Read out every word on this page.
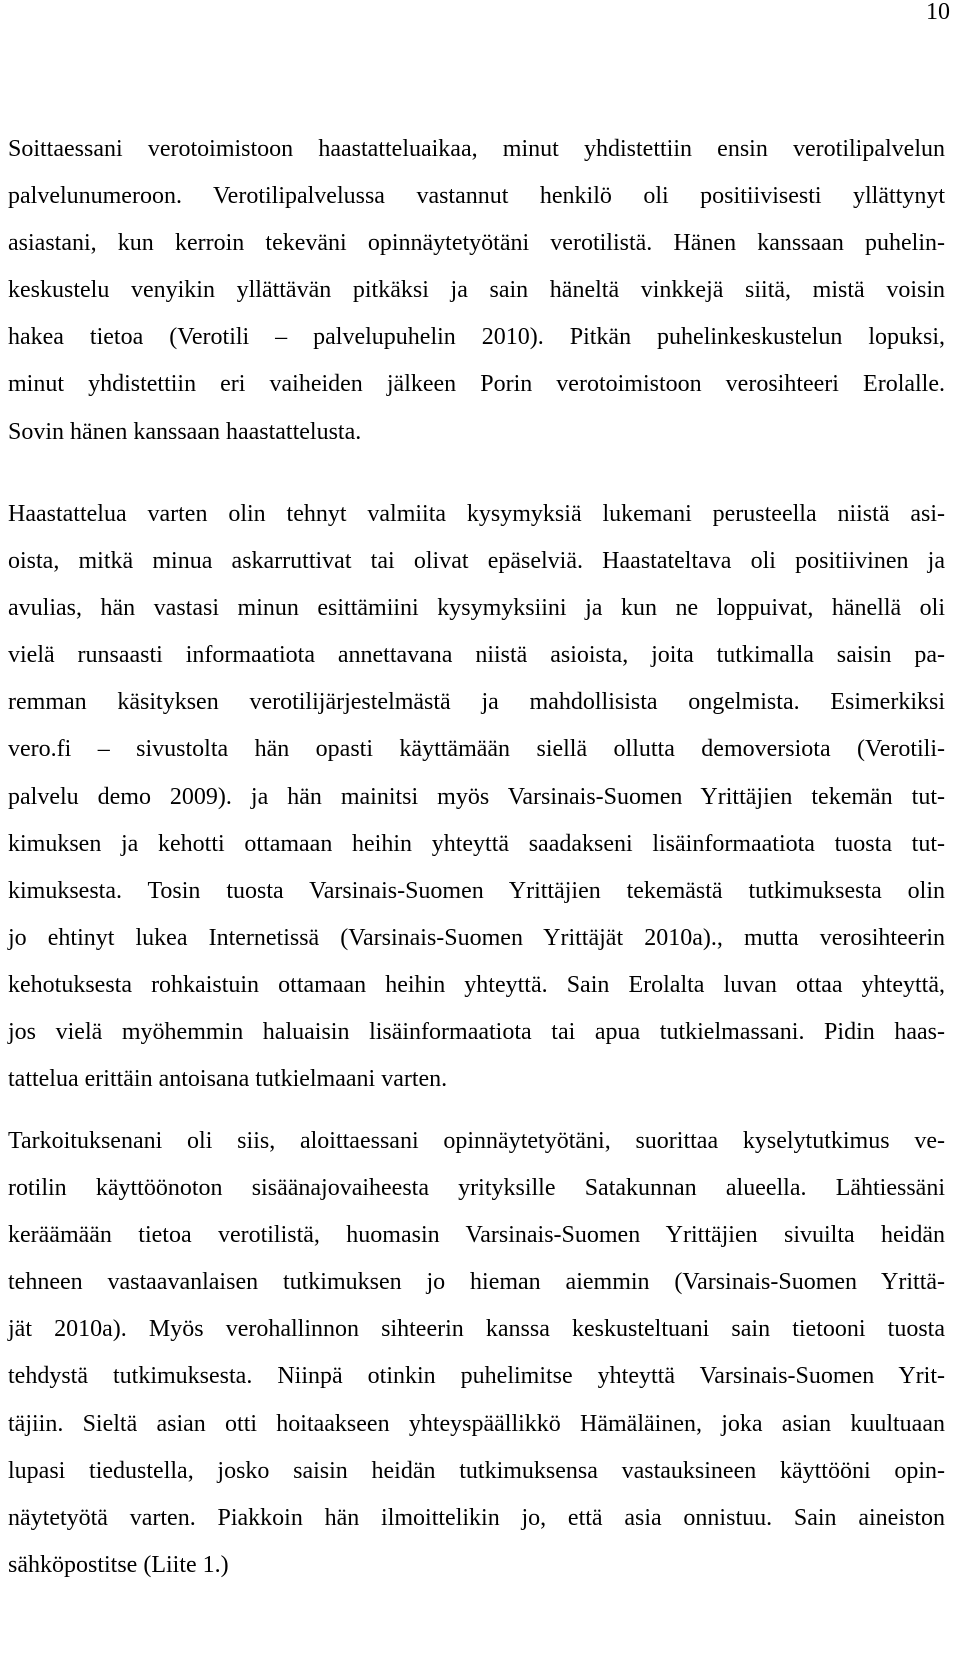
10
Soittaessani verotoimistoon haastatteluaikaa, minut yhdistettiin ensin verotilipalvelun
palvelunumeroon. Verotilipalvelussa vastannut henkilö oli positiivisesti yllättynyt
asiastani, kun kerroin tekeväni opinnäytetyötäni verotilistä. Hänen kanssaan puhelin-
keskustelu venyikin yllättävän pitkäksi ja sain häneltä vinkkejä siitä, mistä voisin
hakea tietoa (Verotili – palvelupuhelin 2010). Pitkän puhelinkeskustelun lopuksi,
minut yhdistettiin eri vaiheiden jälkeen Porin verotoimistoon verosihteeri Erolalle.
Sovin hänen kanssaan haastattelusta.
Haastattelua varten olin tehnyt valmiita kysymyksiä lukemani perusteella niistä asi-
oista, mitkä minua askarruttivat tai olivat epäselviä. Haastateltava oli positiivinen ja
avulias, hän vastasi minun esittämiini kysymyksiini ja kun ne loppuivat, hänellä oli
vielä runsaasti informaatiota annettavana niistä asioista, joita tutkimalla saisin pa-
remman käsityksen verotilijärjestelmästä ja mahdollisista ongelmista. Esimerkiksi
vero.fi – sivustolta hän opasti käyttämään siellä ollutta demoversiota (Verotili-
palvelu demo 2009). ja hän mainitsi myös Varsinais-Suomen Yrittäjien tekemän tut-
kimuksen ja kehotti ottamaan heihin yhteyttä saadakseni lisäinformaatiota tuosta tut-
kimuksesta. Tosin tuosta Varsinais-Suomen Yrittäjien tekemästä tutkimuksesta olin
jo ehtinyt lukea Internetissä (Varsinais-Suomen Yrittäjät 2010a)., mutta verosihteerin
kehotuksesta rohkaistuin ottamaan heihin yhteyttä. Sain Erolalta luvan ottaa yhteyttä,
jos vielä myöhemmin haluaisin lisäinformaatiota tai apua tutkielmassani. Pidin haas-
tattelua erittäin antoisana tutkielmaani varten.
Tarkoituksenani oli siis, aloittaessani opinnäytetyötäni, suorittaa kyselytutkimus ve-
rotilin käyttöönoton sisäänajovaiheesta yrityksille Satakunnan alueella. Lähtiessäni
keräämään tietoa verotilistä, huomasin Varsinais-Suomen Yrittäjien sivuilta heidän
tehneen vastaavanlaisen tutkimuksen jo hieman aiemmin (Varsinais-Suomen Yrittä-
jät 2010a). Myös verohallinnon sihteerin kanssa keskusteltuani sain tietooni tuosta
tehdystä tutkimuksesta. Niinpä otinkin puhelimitse yhteyttä Varsinais-Suomen Yrit-
täjiin. Sieltä asian otti hoitaakseen yhteyspäällikkö Hämäläinen, joka asian kuultuaan
lupasi tiedustella, josko saisin heidän tutkimuksensa vastauksineen käyttööni opin-
näytetyötä varten. Piakkoin hän ilmoittelikin jo, että asia onnistuu. Sain aineiston
sähköpostitse (Liite 1.)
